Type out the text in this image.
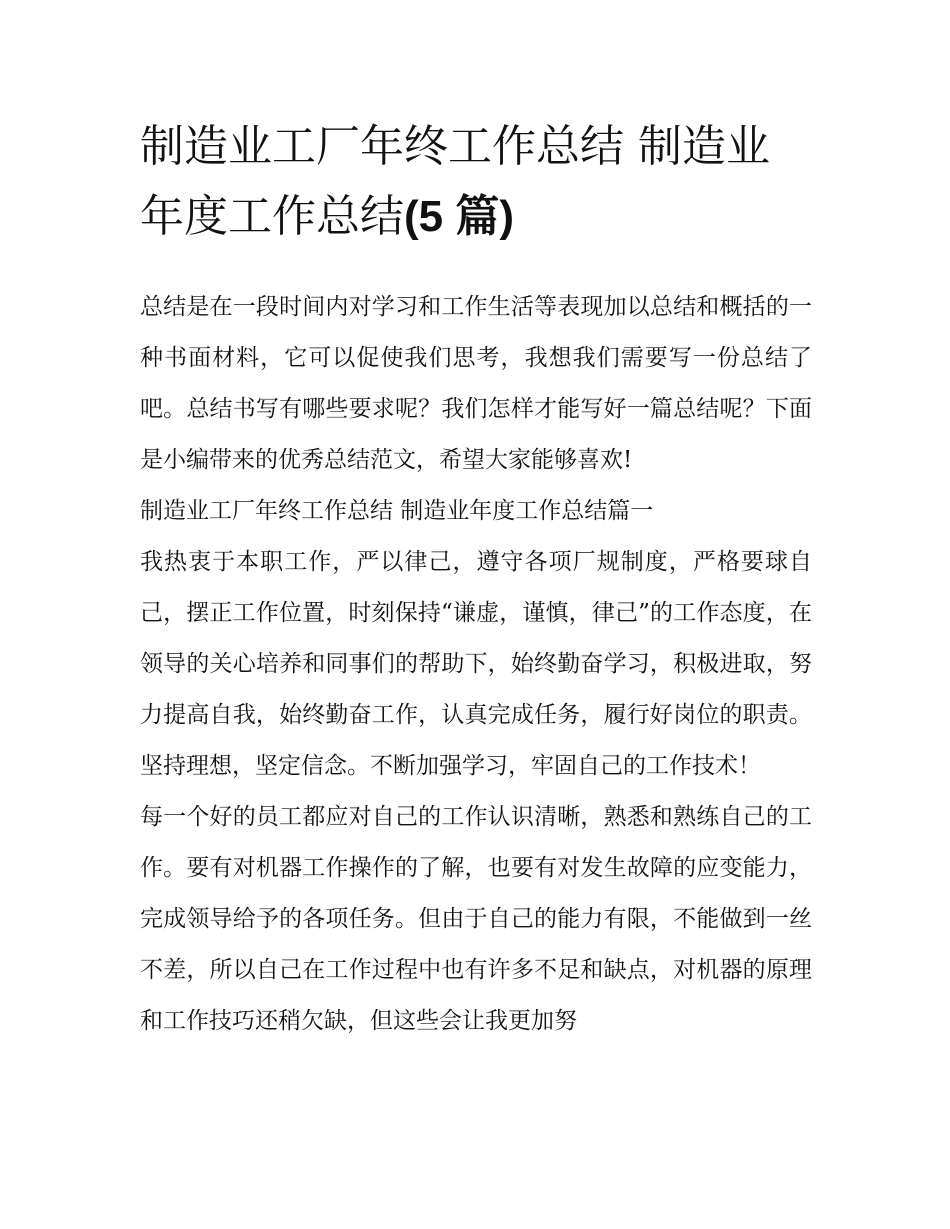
制造业工厂年终工作总结 制造业年度工作总结(5 篇)

总结是在一段时间内对学习和工作生活等表现加以总结和概括的一种书面材料，它可以促使我们思考，我想我们需要写一份总结了吧。总结书写有哪些要求呢？我们怎样才能写好一篇总结呢？下面是小编带来的优秀总结范文，希望大家能够喜欢!

制造业工厂年终工作总结 制造业年度工作总结篇一

我热衷于本职工作，严以律己，遵守各项厂规制度，严格要球自己，摆正工作位置，时刻保持“谦虚，谨慎，律己”的工作态度，在领导的关心培养和同事们的帮助下，始终勤奋学习，积极进取，努力提高自我，始终勤奋工作，认真完成任务，履行好岗位的职责。坚持理想，坚定信念。不断加强学习，牢固自己的工作技术！

每一个好的员工都应对自己的工作认识清晰，熟悉和熟练自己的工作。要有对机器工作操作的了解，也要有对发生故障的应变能力，完成领导给予的各项任务。但由于自己的能力有限，不能做到一丝不差，所以自己在工作过程中也有许多不足和缺点，对机器的原理和工作技巧还稍欠缺，但这些会让我更加努
